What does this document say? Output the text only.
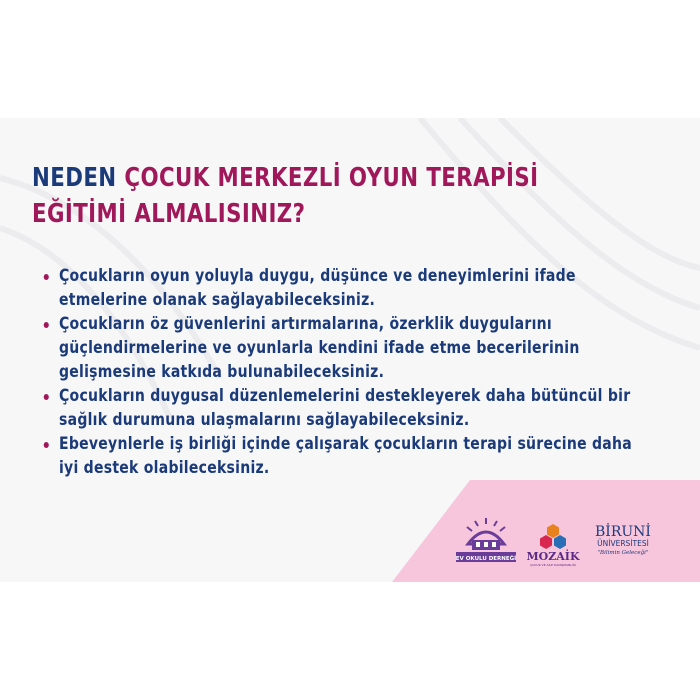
NEDEN ÇOCUK MERKEZLİ OYUN TERAPİSİ
EĞİTİMİ ALMALISINIZ?
Çocukların oyun yoluyla duygu, düşünce ve deneyimlerini ifade
etmelerine olanak sağlayabileceksiniz.
Çocukların öz güvenlerini artırmalarına, özerklik duygularını
güçlendirmelerine ve oyunlarla kendini ifade etme becerilerinin
gelişmesine katkıda bulunabileceksiniz.
Çocukların duygusal düzenlemelerini destekleyerek daha bütüncül bir
sağlık durumuna ulaşmalarını sağlayabileceksiniz.
Ebeveynlerle iş birliği içinde çalışarak çocukların terapi sürecine daha
iyi destek olabileceksiniz.
EV OKULU DERNEĞİ MOZAİK
ÇOCUK VE AİLE DANIŞMANLIĞI
BİRUNİ
ÜNİVERSİTESİ
"Bilimin Geleceği"
